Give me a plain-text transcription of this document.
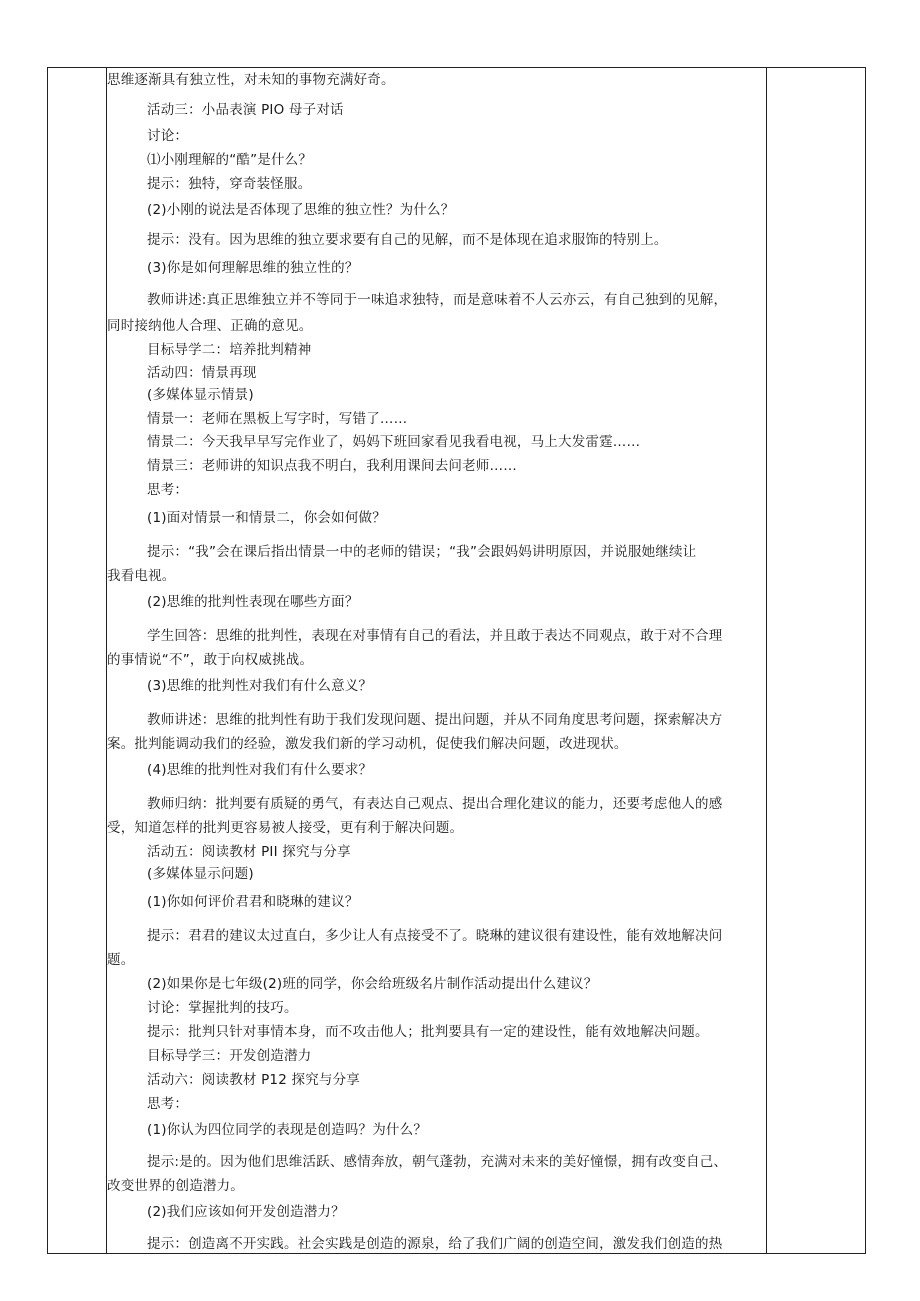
思维逐渐具有独立性，对未知的事物充满好奇。
活动三：小品表演 PIO 母子对话
讨论：
⑴小刚理解的“酷”是什么？
提示：独特，穿奇装怪服。
(2)小刚的说法是否体现了思维的独立性？为什么？
提示：没有。因为思维的独立要求要有自己的见解，而不是体现在追求服饰的特别上。
(3)你是如何理解思维的独立性的？
教师讲述:真正思维独立并不等同于一味追求独特，而是意味着不人云亦云，有自己独到的见解，
同时接纳他人合理、正确的意见。
目标导学二：培养批判精神
活动四：情景再现
(多媒体显示情景)
情景一：老师在黑板上写字时，写错了……
情景二：今天我早早写完作业了，妈妈下班回家看见我看电视，马上大发雷霆……
情景三：老师讲的知识点我不明白，我利用课间去问老师……
思考：
(1)面对情景一和情景二，你会如何做？
提示：“我”会在课后指出情景一中的老师的错误；“我”会跟妈妈讲明原因，并说服她继续让
我看电视。
(2)思维的批判性表现在哪些方面？
学生回答：思维的批判性，表现在对事情有自己的看法，并且敢于表达不同观点，敢于对不合理
的事情说“不”，敢于向权威挑战。
(3)思维的批判性对我们有什么意义？
教师讲述：思维的批判性有助于我们发现问题、提出问题，并从不同角度思考问题，探索解决方
案。批判能调动我们的经验，激发我们新的学习动机，促使我们解决问题，改进现状。
(4)思维的批判性对我们有什么要求？
教师归纳：批判要有质疑的勇气，有表达自己观点、提出合理化建议的能力，还要考虑他人的感
受，知道怎样的批判更容易被人接受，更有利于解决问题。
活动五：阅读教材 PII 探究与分享
(多媒体显示问题)
(1)你如何评价君君和晓琳的建议？
提示：君君的建议太过直白，多少让人有点接受不了。晓琳的建议很有建设性，能有效地解决问
题。
(2)如果你是七年级(2)班的同学，你会给班级名片制作活动提出什么建议？
讨论：掌握批判的技巧。
提示：批判只针对事情本身，而不攻击他人；批判要具有一定的建设性，能有效地解决问题。
目标导学三：开发创造潜力
活动六：阅读教材 P12 探究与分享
思考：
(1)你认为四位同学的表现是创造吗？为什么？
提示:是的。因为他们思维活跃、感情奔放，朝气蓬勃，充满对未来的美好憧憬，拥有改变自己、
改变世界的创造潜力。
(2)我们应该如何开发创造潜力？
提示：创造离不开实践。社会实践是创造的源泉，给了我们广阔的创造空间，激发我们创造的热
